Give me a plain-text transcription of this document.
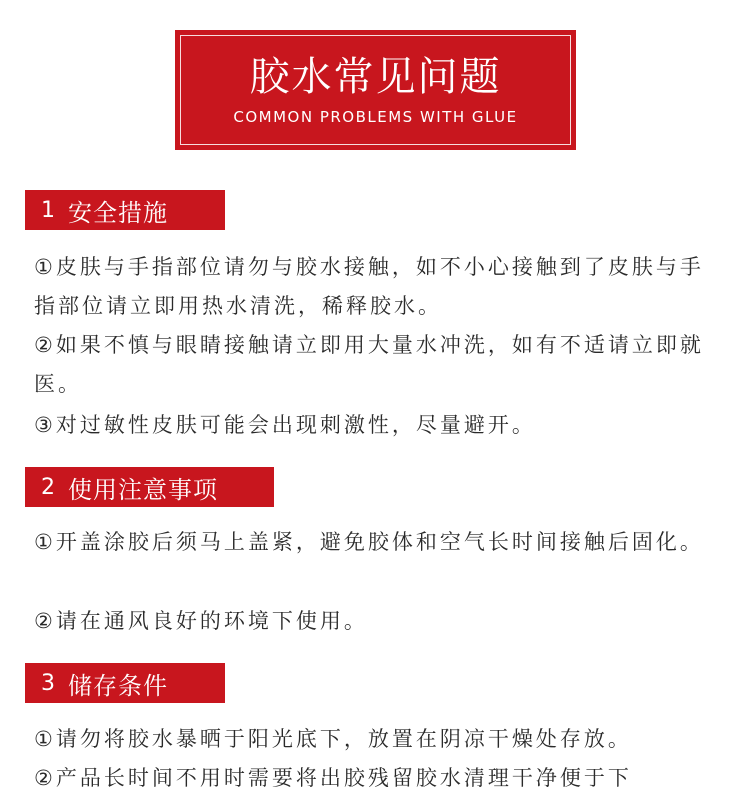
胶水常见问题
COMMON PROBLEMS WITH GLUE
1 安全措施
①皮肤与手指部位请勿与胶水接触，如不小心接触到了皮肤与手指部位请立即用热水清洗，稀释胶水。
②如果不慎与眼睛接触请立即用大量水冲洗，如有不适请立即就医。
③对过敏性皮肤可能会出现刺激性，尽量避开。
2 使用注意事项
①开盖涂胶后须马上盖紧，避免胶体和空气长时间接触后固化。
②请在通风良好的环境下使用。
3 储存条件
①请勿将胶水暴晒于阳光底下，放置在阴凉干燥处存放。
②产品长时间不用时需要将出胶残留胶水清理干净便于下
